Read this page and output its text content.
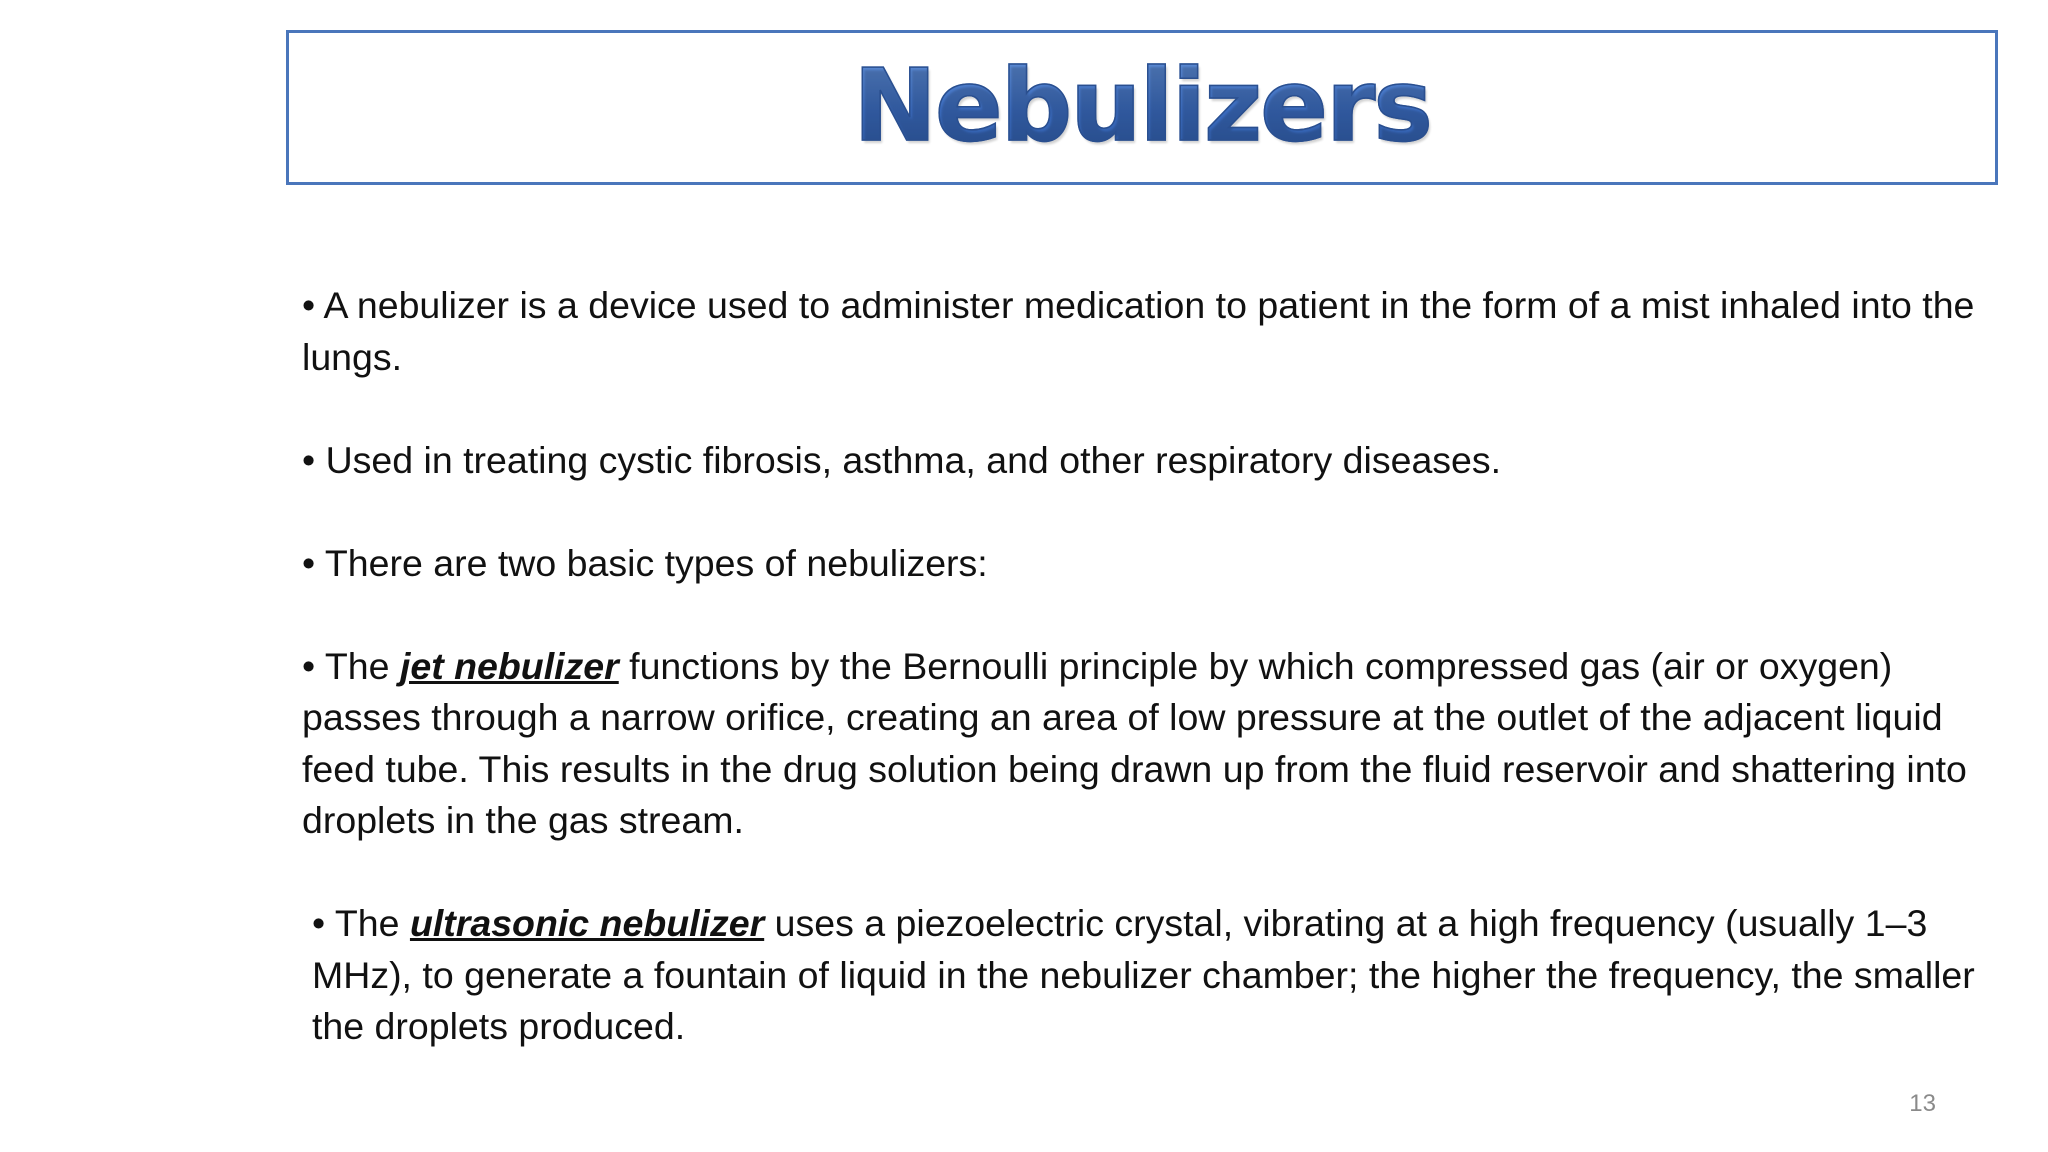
Nebulizers

• A nebulizer is a device used to administer medication to patient in the form of a mist inhaled into the lungs.

• Used in treating cystic fibrosis, asthma, and other respiratory diseases.

• There are two basic types of nebulizers:

• The jet nebulizer functions by the Bernoulli principle by which compressed gas (air or oxygen) passes through a narrow orifice, creating an area of low pressure at the outlet of the adjacent liquid feed tube. This results in the drug solution being drawn up from the fluid reservoir and shattering into droplets in the gas stream.

• The ultrasonic nebulizer uses a piezoelectric crystal, vibrating at a high frequency (usually 1–3 MHz), to generate a fountain of liquid in the nebulizer chamber; the higher the frequency, the smaller the droplets produced.

13
